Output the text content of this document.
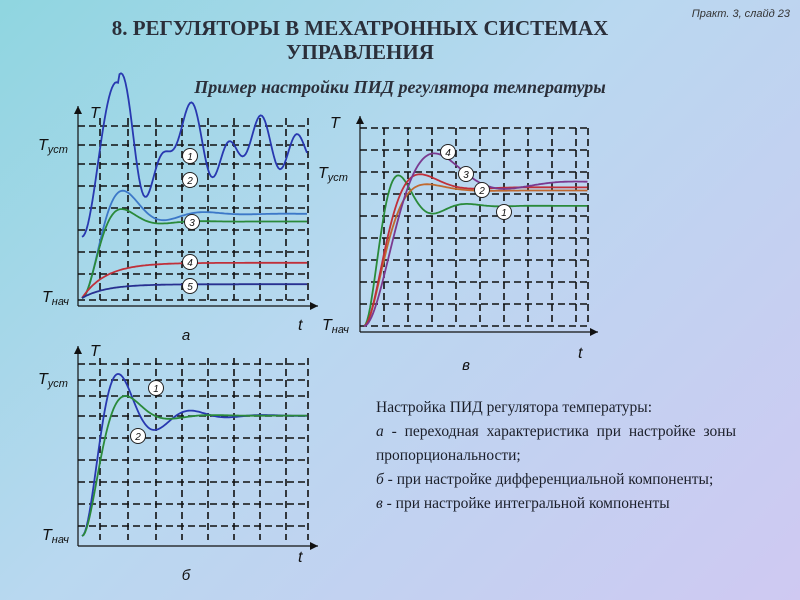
8. РЕГУЛЯТОРЫ В МЕХАТРОННЫХ СИСТЕМАХ
УПРАВЛЕНИЯ
Практ. 3, слайд 23
Пример настройки ПИД регулятора температуры
T
t
Tуст
Tнач
а
1
2
3
4
5
T
t
Tуст
Tнач
б
1
2
T
t
Tуст
Tнач
в
1
2
3
4

Настройка ПИД регулятора температуры:

а - переходная характеристика при настройке зоны пропорциональности;

б - при настройке дифференциальной компоненты;

в - при настройке интегральной компоненты
